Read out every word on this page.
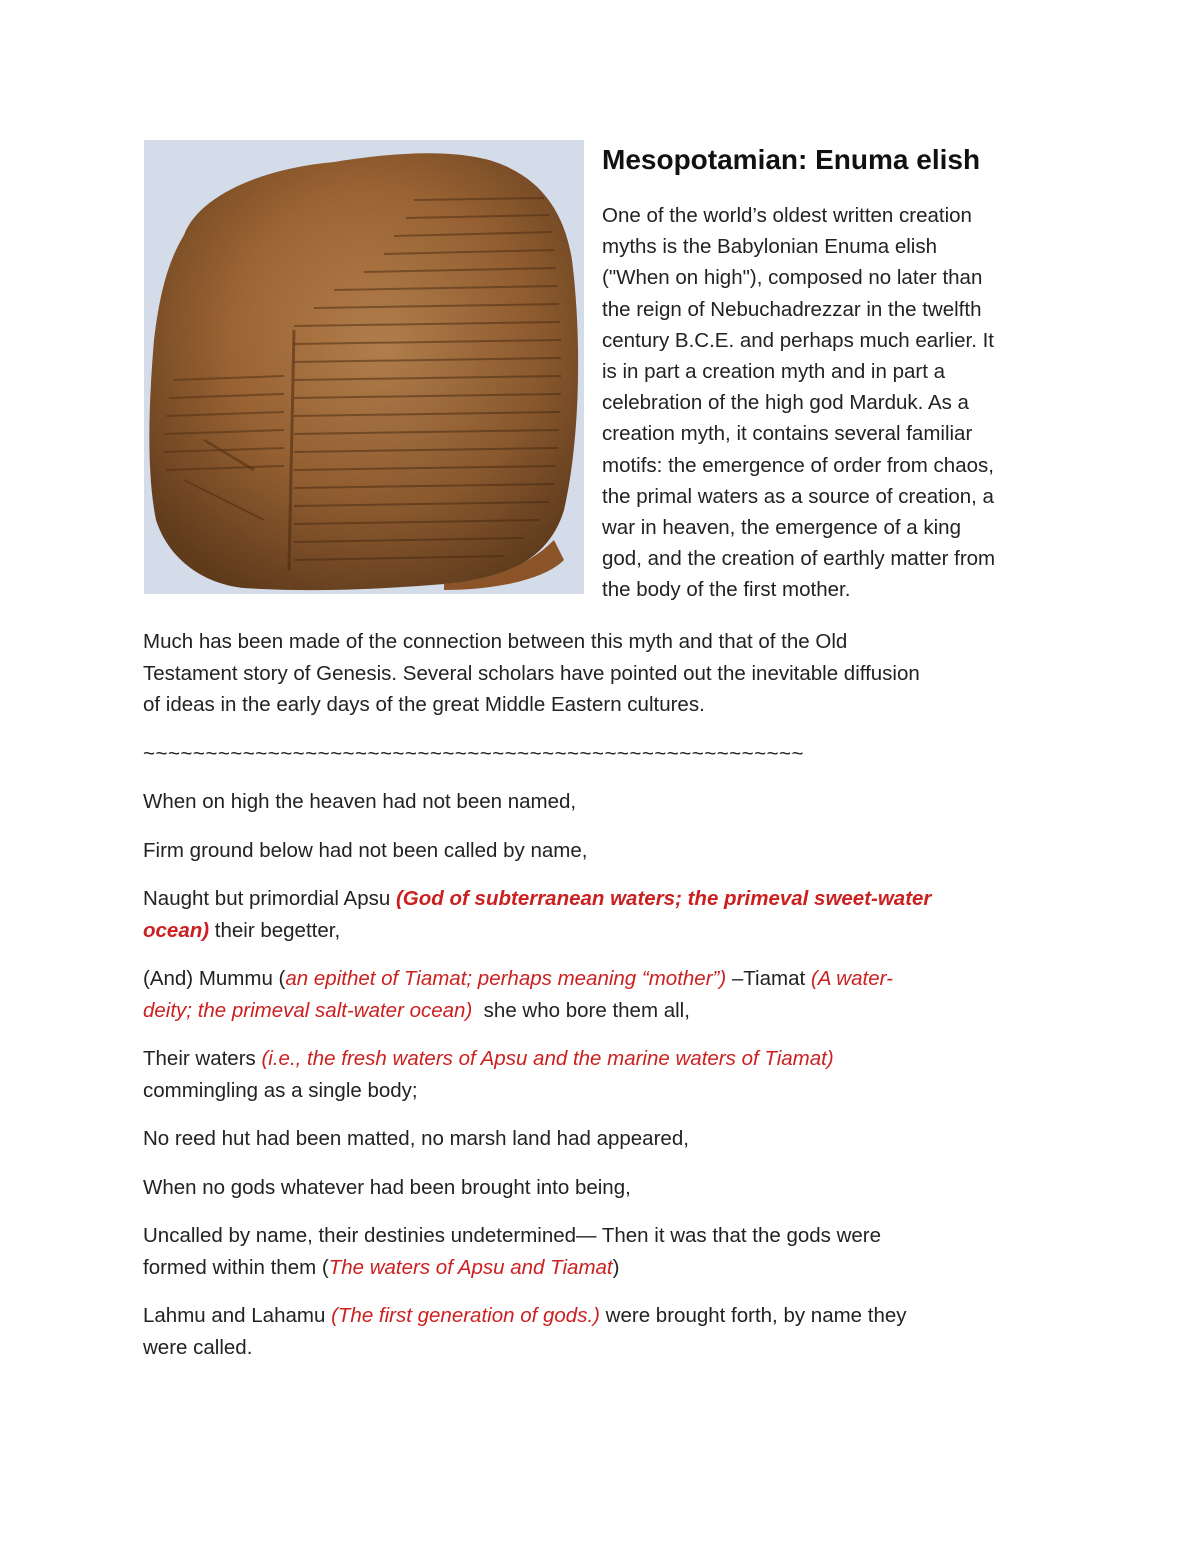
Mesopotamian: Enuma elish

One of the world’s oldest written creation
myths is the Babylonian Enuma elish
("When on high"), composed no later than
the reign of Nebuchadrezzar in the twelfth
century B.C.E. and perhaps much earlier. It
is in part a creation myth and in part a
celebration of the high god Marduk. As a
creation myth, it contains several familiar
motifs: the emergence of order from chaos,
the primal waters as a source of creation, a
war in heaven, the emergence of a king
god, and the creation of earthly matter from
the body of the first mother.

Much has been made of the connection between this myth and that of the Old
Testament story of Genesis. Several scholars have pointed out the inevitable diffusion
of ideas in the early days of the great Middle Eastern cultures.

~~~~~~~~~~~~~~~~~~~~~~~~~~~~~~~~~~~~~~~~~~~~~~~~~~~~~

When on high the heaven had not been named,

Firm ground below had not been called by name,

Naught but primordial Apsu (God of subterranean waters; the primeval sweet-water
ocean) their begetter,

(And) Mummu (an epithet of Tiamat; perhaps meaning “mother”) –Tiamat (A water-
deity; the primeval salt-water ocean)  she who bore them all,

Their waters (i.e., the fresh waters of Apsu and the marine waters of Tiamat)
commingling as a single body;

No reed hut had been matted, no marsh land had appeared,

When no gods whatever had been brought into being,

Uncalled by name, their destinies undetermined— Then it was that the gods were
formed within them (The waters of Apsu and Tiamat)

Lahmu and Lahamu (The first generation of gods.) were brought forth, by name they
were called.
